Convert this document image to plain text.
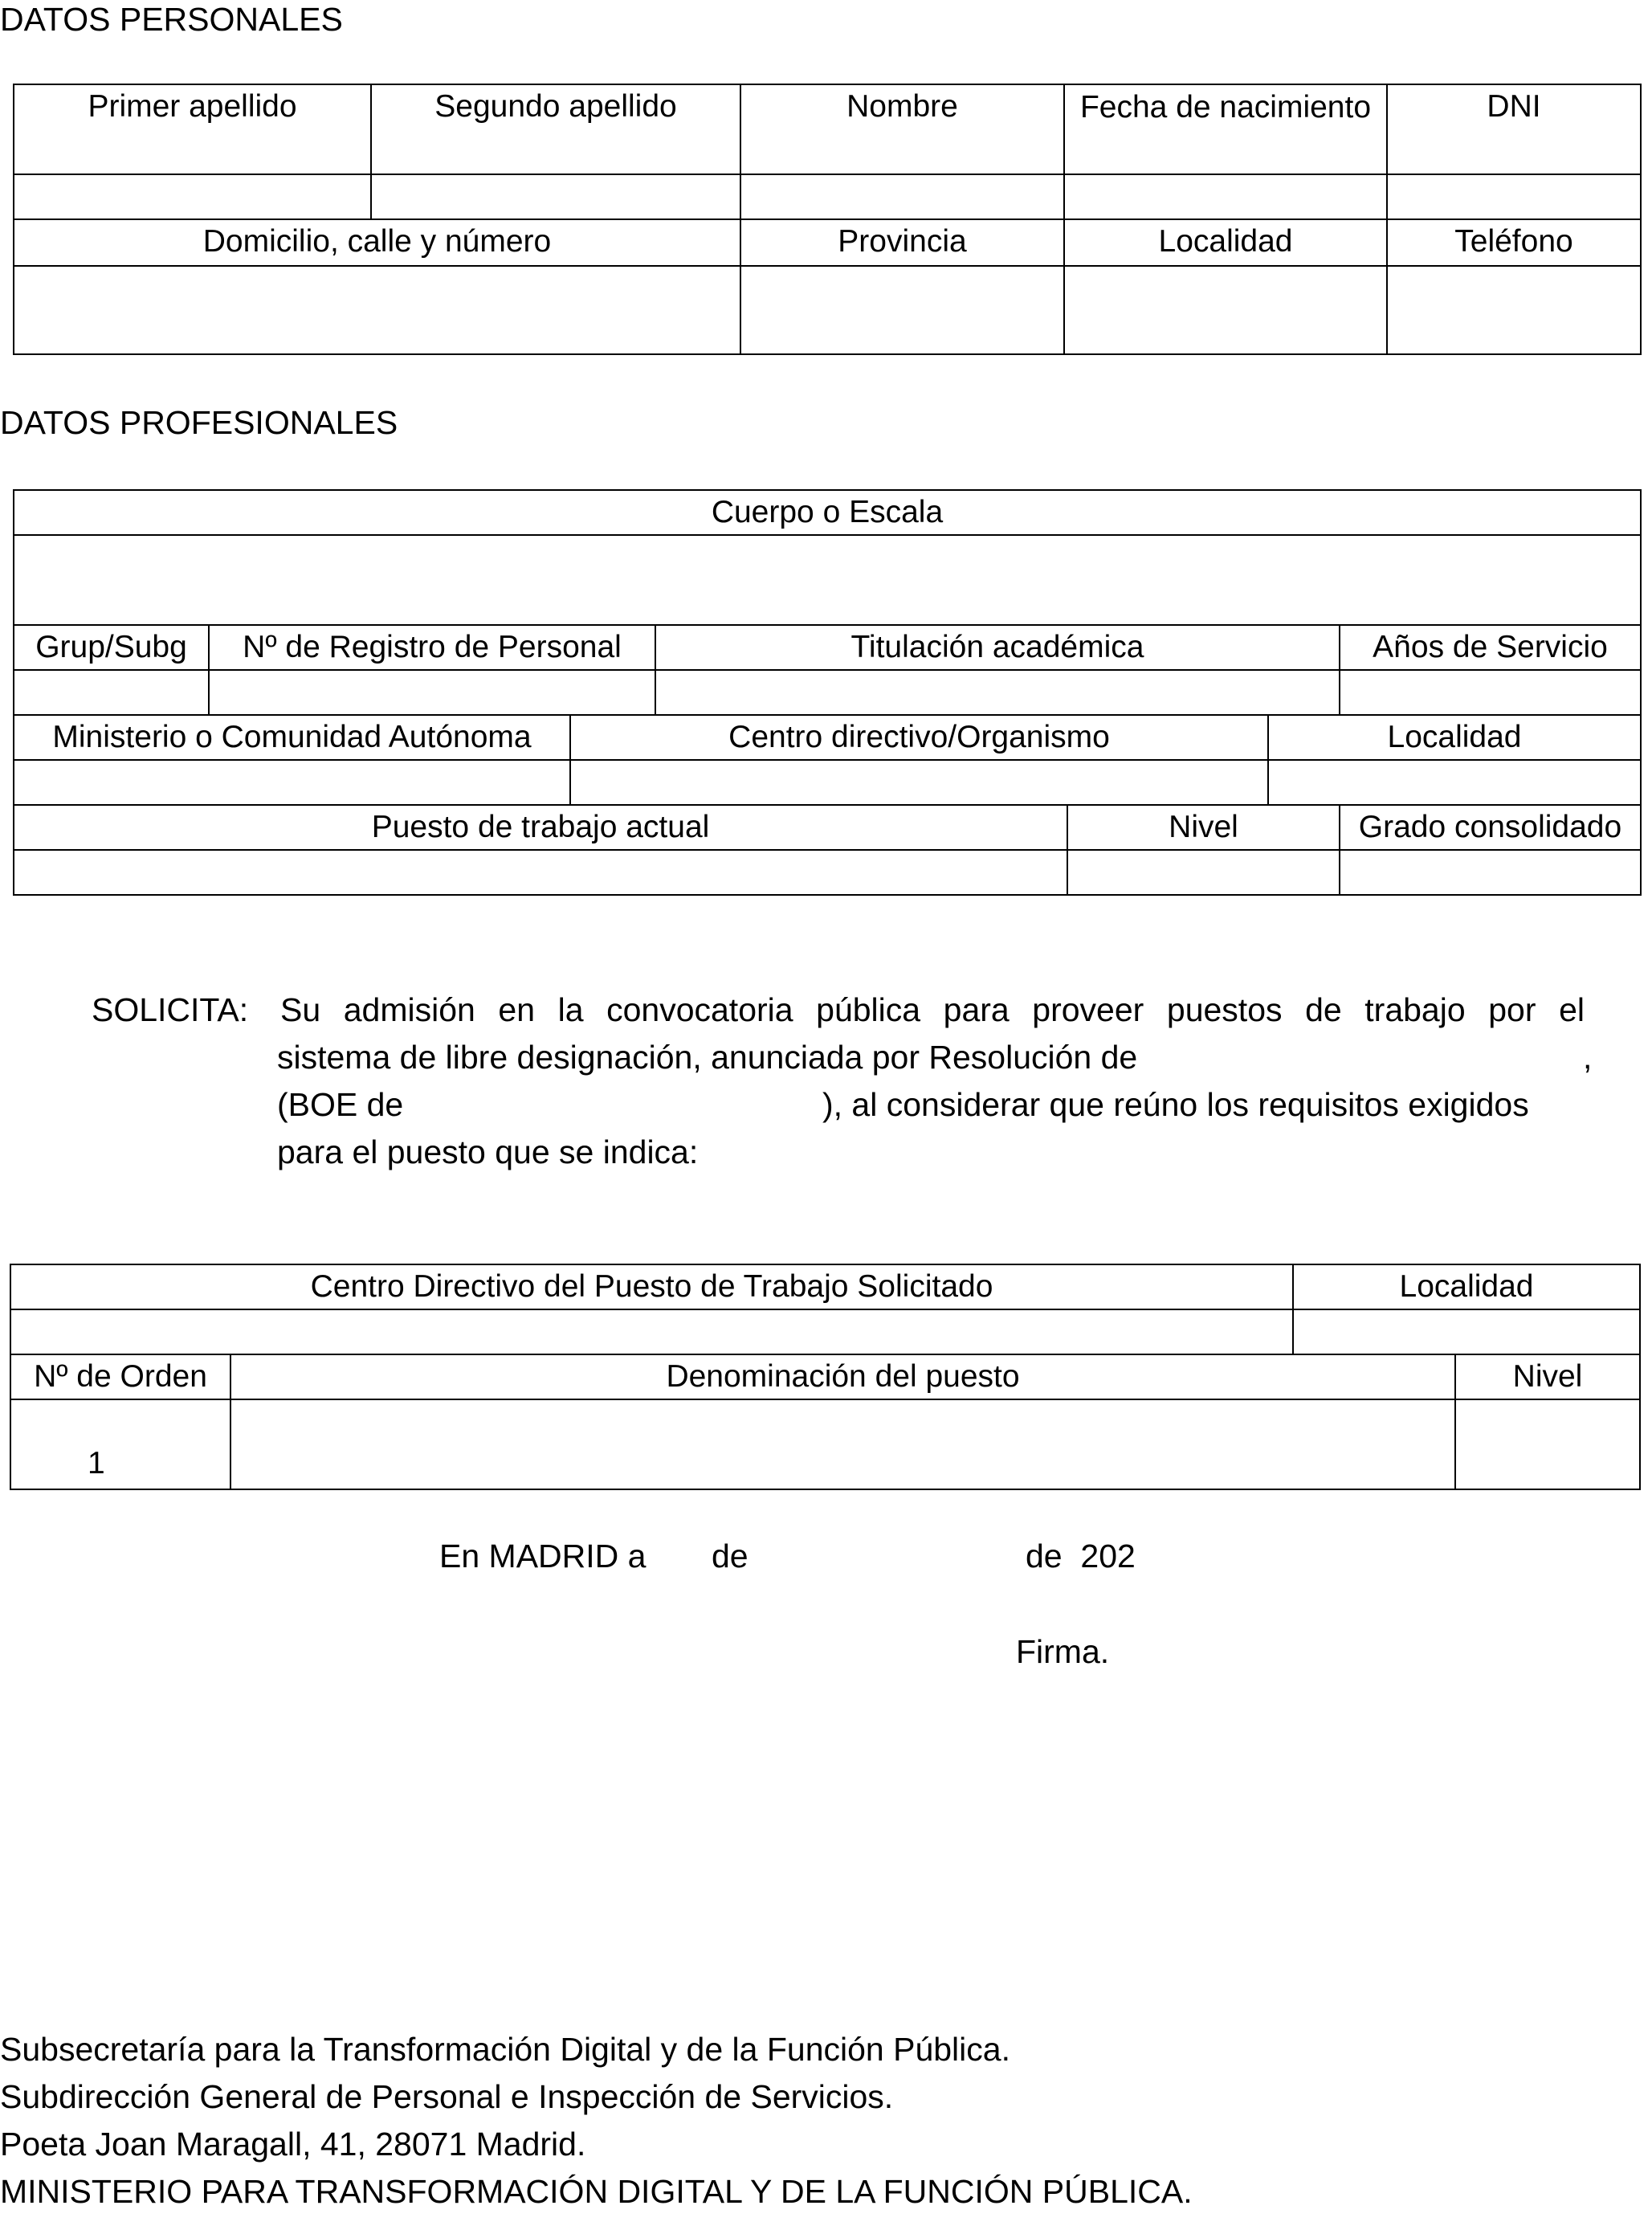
DATOS PERSONALES
Primer apellido	Segundo apellido	Nombre	Fecha de nacimiento	DNI

Domicilio, calle y número		Provincia	Localidad	Teléfono

DATOS PROFESIONALES
Cuerpo o Escala

Grup/Subg	Nº de Registro de Personal	Titulación académica	Años de Servicio

Ministerio o Comunidad Autónoma	Centro directivo/Organismo	Localidad

Puesto de trabajo actual	Nivel	Grado consolidado

SOLICITA: Su admisión en la convocatoria pública para proveer puestos de trabajo por el
sistema de libre designación, anunciada por Resolución de	,
(BOE de	), al considerar que reúno los requisitos exigidos
para el puesto que se indica:
Centro Directivo del Puesto de Trabajo Solicitado	Localidad

Nº de Orden	Denominación del puesto	Nivel
1		
En MADRID a de	de  202
Firma.
Subsecretaría para la Transformación Digital y de la Función Pública.
Subdirección General de Personal e Inspección de Servicios.
Poeta Joan Maragall, 41, 28071 Madrid.
MINISTERIO PARA TRANSFORMACIÓN DIGITAL Y DE LA FUNCIÓN PÚBLICA.
